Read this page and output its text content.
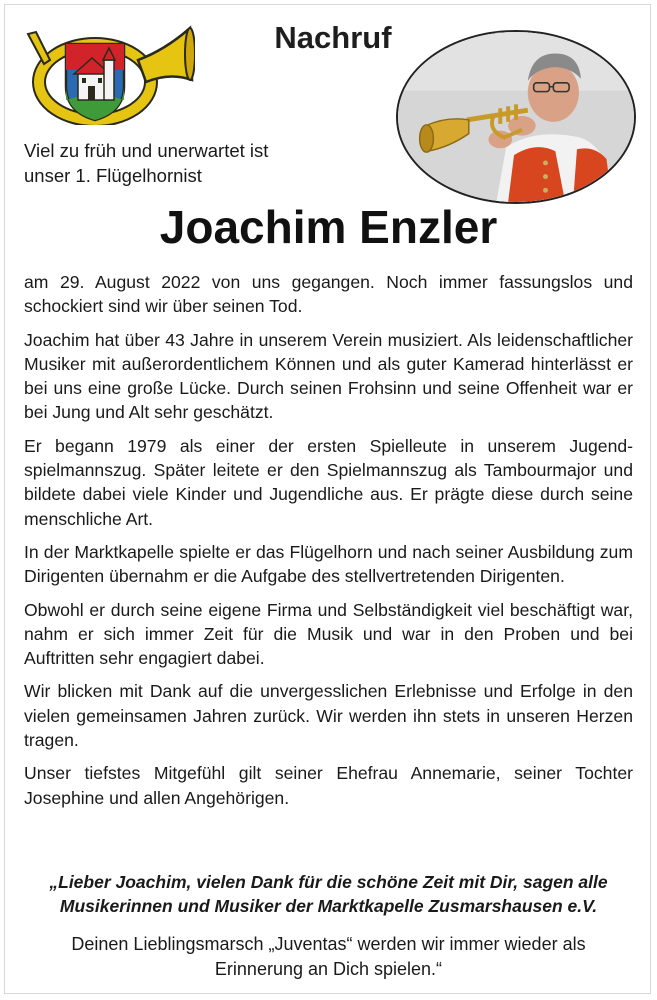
Nachruf
Viel zu früh und unerwartet ist
unser 1. Flügelhornist
Joachim Enzler

am 29. August 2022 von uns gegangen. Noch immer fassungslos und schockiert sind wir über seinen Tod.

Joachim hat über 43 Jahre in unserem Verein musiziert. Als leidenschaftlicher Musiker mit außerordentlichem Können und als guter Kamerad hinterlässt er bei uns eine große Lücke. Durch seinen Frohsinn und seine Offenheit war er bei Jung und Alt sehr geschätzt.

Er begann 1979 als einer der ersten Spielleute in unserem Jugendspielmannszug. Später leitete er den Spielmannszug als Tambourmajor und bildete dabei viele Kinder und Jugendliche aus. Er prägte diese durch seine menschliche Art.

In der Marktkapelle spielte er das Flügelhorn und nach seiner Ausbildung zum Dirigenten übernahm er die Aufgabe des stellvertretenden Dirigenten.

Obwohl er durch seine eigene Firma und Selbständigkeit viel beschäftigt war, nahm er sich immer Zeit für die Musik und war in den Proben und bei Auftritten sehr engagiert dabei.

Wir blicken mit Dank auf die unvergesslichen Erlebnisse und Erfolge in den vielen gemeinsamen Jahren zurück. Wir werden ihn stets in unseren Herzen tragen.

Unser tiefstes Mitgefühl gilt seiner Ehefrau Annemarie, seiner Tochter Josephine und allen Angehörigen.

„Lieber Joachim, vielen Dank für die schöne Zeit mit Dir, sagen alle
Musikerinnen und Musiker der Marktkapelle Zusmarshausen e.V.
Deinen Lieblingsmarsch „Juventas“ werden wir immer wieder als
Erinnerung an Dich spielen.“
